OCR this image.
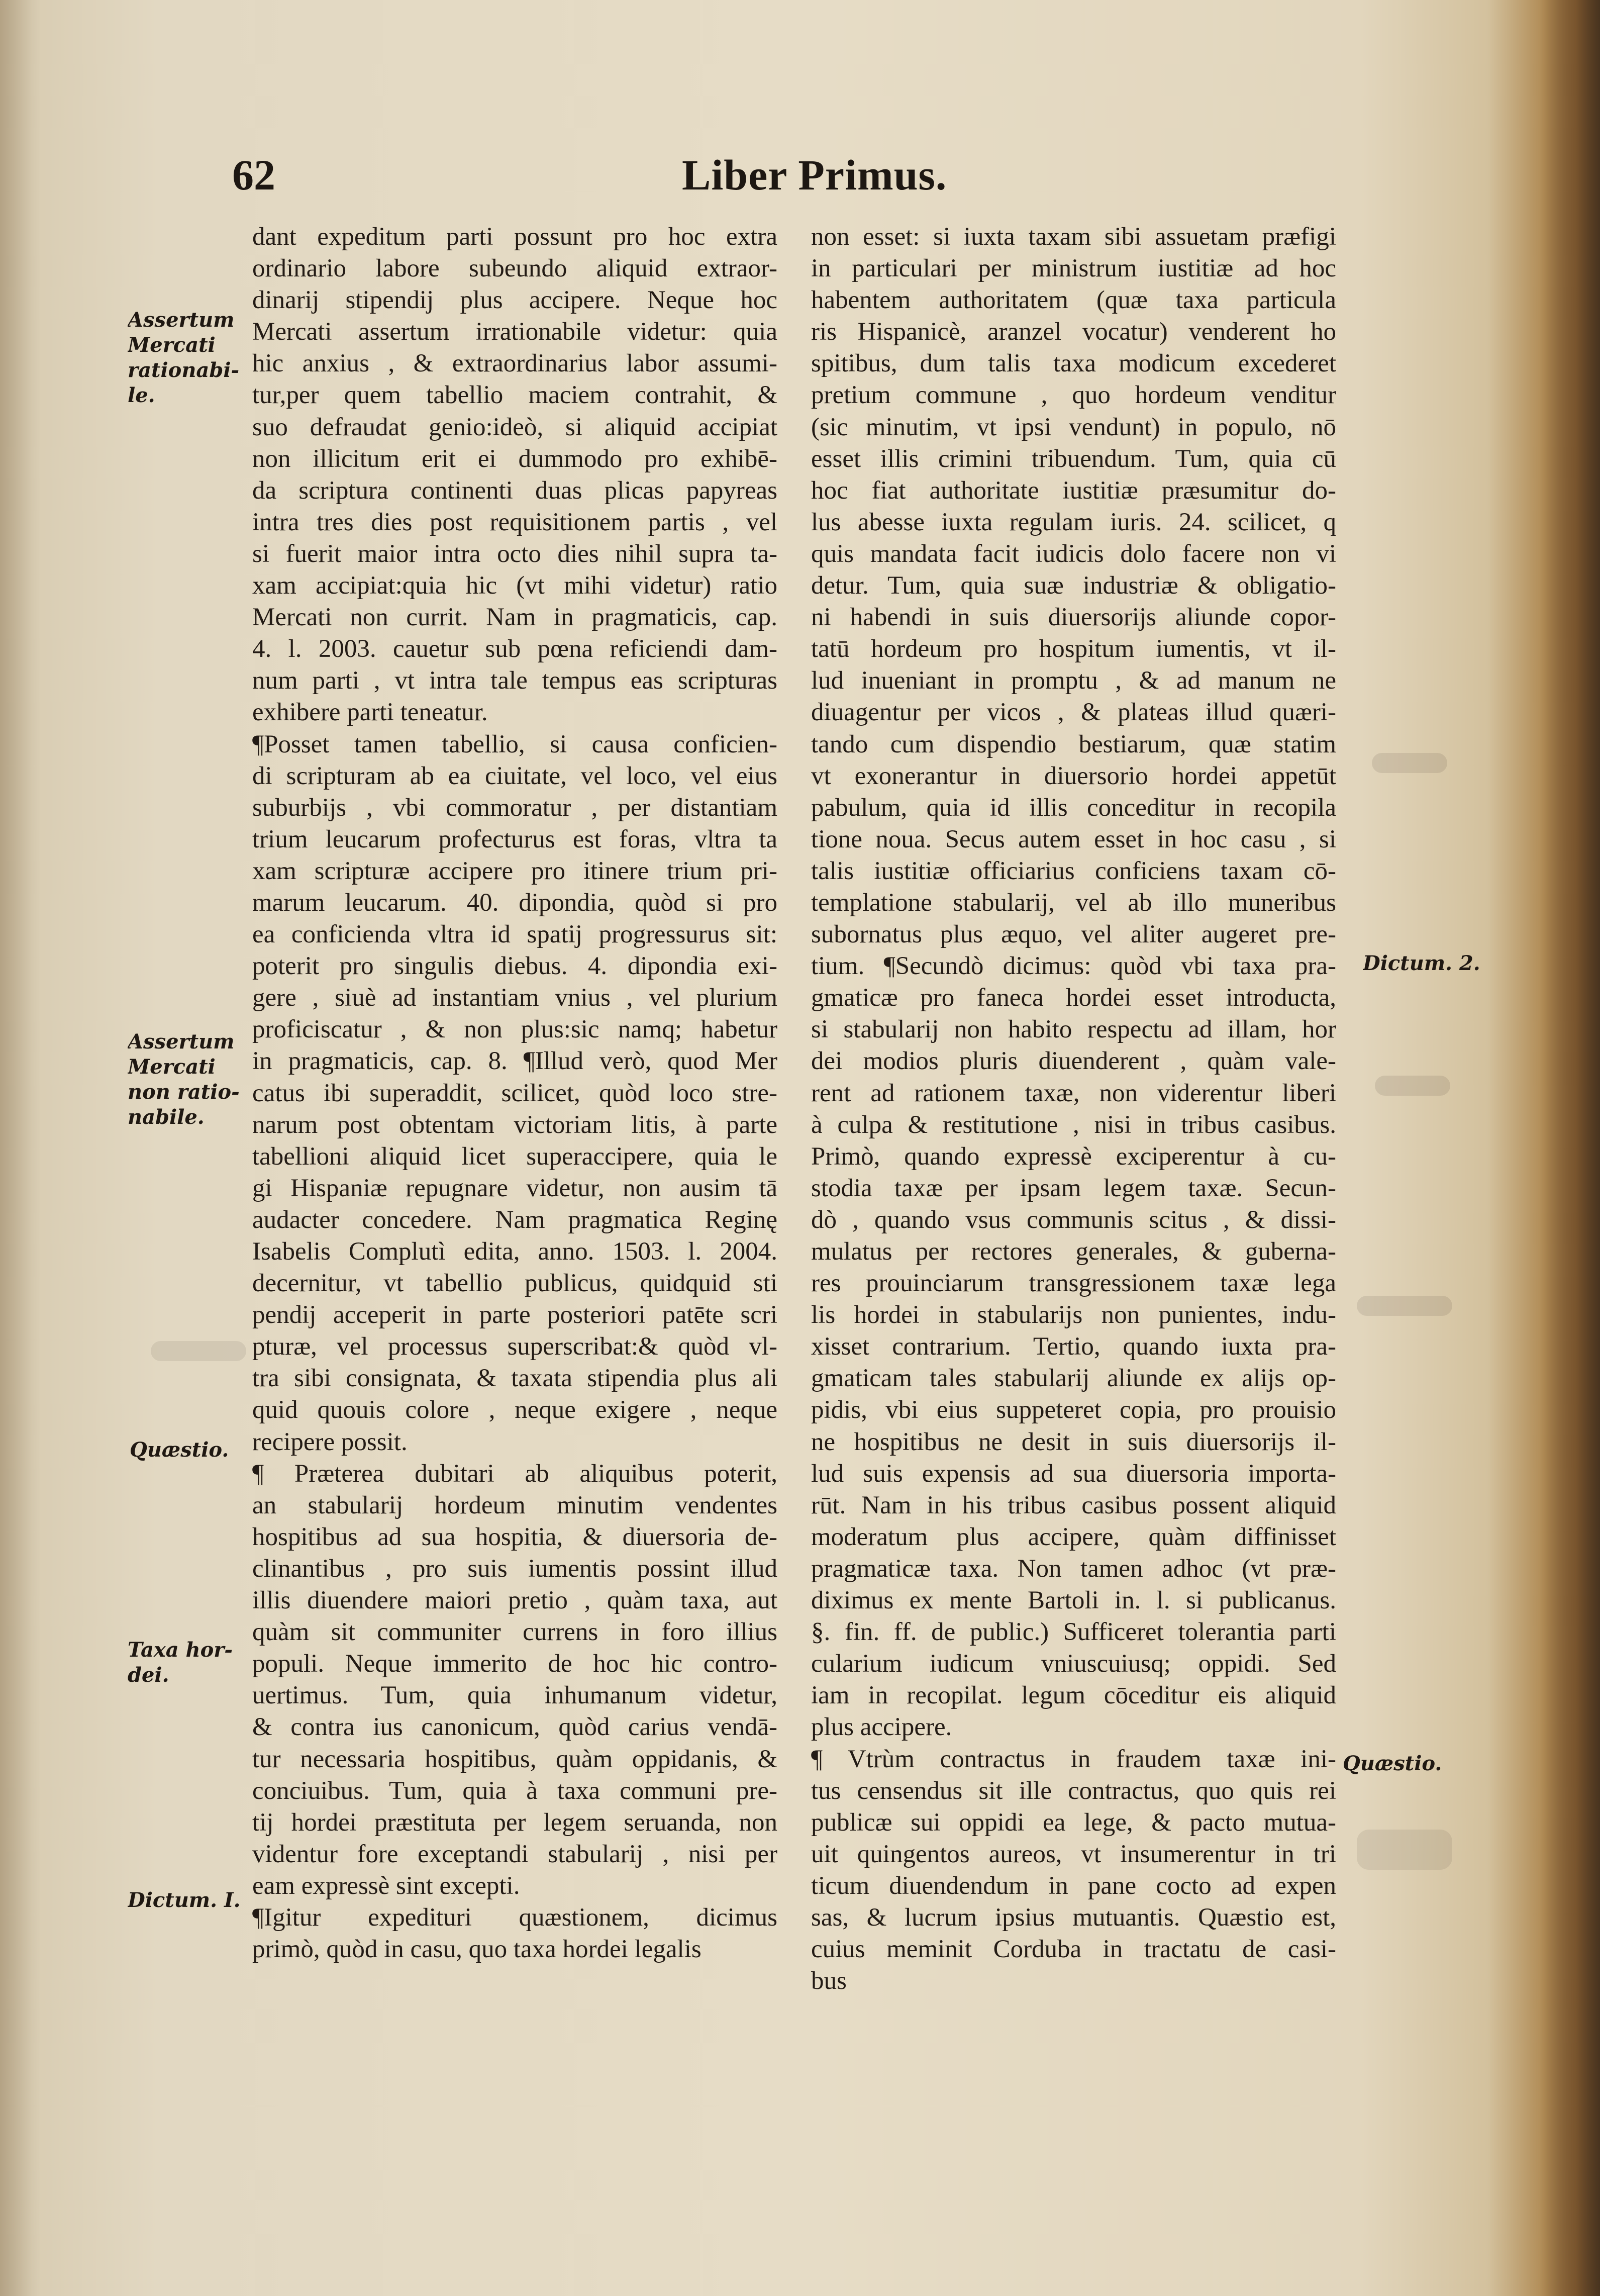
62	Liber Primus.
dant expeditum parti possunt pro hoc extra
ordinario labore subeundo aliquid extraor-
dinarij stipendij plus accipere. Neque hoc
Mercati assertum irrationabile videtur: quia
hic anxius , & extraordinarius labor assumi-
tur,per quem tabellio maciem contrahit, &
suo defraudat genio:ideò, si aliquid accipiat
non illicitum erit ei dummodo pro exhibē-
da scriptura continenti duas plicas papyreas
intra tres dies post requisitionem partis , vel
si fuerit maior intra octo dies nihil supra ta-
xam accipiat:quia hic (vt mihi videtur) ratio
Mercati non currit. Nam in pragmaticis, cap.
4. l. 2003. cauetur sub pœna reficiendi dam-
num parti , vt intra tale tempus eas scripturas
exhibere parti teneatur.
¶Posset tamen tabellio, si causa conficien-
di scripturam ab ea ciuitate, vel loco, vel eius
suburbijs , vbi commoratur , per distantiam
trium leucarum profecturus est foras, vltra ta
xam scripturæ accipere pro itinere trium pri-
marum leucarum. 40. dipondia, quòd si pro
ea conficienda vltra id spatij progressurus sit:
poterit pro singulis diebus. 4. dipondia exi-
gere , siuè ad instantiam vnius , vel plurium
proficiscatur , & non plus:sic namq; habetur
in pragmaticis, cap. 8. ¶Illud verò, quod Mer
catus ibi superaddit, scilicet, quòd loco stre-
narum post obtentam victoriam litis, à parte
tabellioni aliquid licet superaccipere, quia le
gi Hispaniæ repugnare videtur, non ausim tā
audacter concedere. Nam pragmatica Reginę
Isabelis Complutì edita, anno. 1503. l. 2004.
decernitur, vt tabellio publicus, quidquid sti
pendij acceperit in parte posteriori patēte scri
pturæ, vel processus superscribat:& quòd vl-
tra sibi consignata, & taxata stipendia plus ali
quid quouis colore , neque exigere , neque
recipere possit.
¶ Præterea dubitari ab aliquibus poterit,
an stabularij hordeum minutim vendentes
hospitibus ad sua hospitia, & diuersoria de-
clinantibus , pro suis iumentis possint illud
illis diuendere maiori pretio , quàm taxa, aut
quàm sit communiter currens in foro illius
populi. Neque immerito de hoc hic contro-
uertimus. Tum, quia inhumanum videtur,
& contra ius canonicum, quòd carius vendā-
tur necessaria hospitibus, quàm oppidanis, &
conciuibus. Tum, quia à taxa communi pre-
tij hordei præstituta per legem seruanda, non
videntur fore exceptandi stabularij , nisi per
eam expressè sint excepti.
¶Igitur expedituri quæstionem, dicimus
primò, quòd in casu, quo taxa hordei legalis
non esset: si iuxta taxam sibi assuetam præfigi
in particulari per ministrum iustitiæ ad hoc
habentem authoritatem (quæ taxa particula
ris Hispanicè, aranzel vocatur) venderent ho
spitibus, dum talis taxa modicum excederet
pretium commune , quo hordeum venditur
(sic minutim, vt ipsi vendunt) in populo, nō
esset illis crimini tribuendum. Tum, quia cū
hoc fiat authoritate iustitiæ præsumitur do-
lus abesse iuxta regulam iuris. 24. scilicet, q
quis mandata facit iudicis dolo facere non vi
detur. Tum, quia suæ industriæ & obligatio-
ni habendi in suis diuersorijs aliunde copor-
tatū hordeum pro hospitum iumentis, vt il-
lud inueniant in promptu , & ad manum ne
diuagentur per vicos , & plateas illud quæri-
tando cum dispendio bestiarum, quæ statim
vt exonerantur in diuersorio hordei appetūt
pabulum, quia id illis conceditur in recopila
tione noua. Secus autem esset in hoc casu , si
talis iustitiæ officiarius conficiens taxam cō-
templatione stabularij, vel ab illo muneribus
subornatus plus æquo, vel aliter augeret pre-
tium. ¶Secundò dicimus: quòd vbi taxa pra-
gmaticæ pro faneca hordei esset introducta,
si stabularij non habito respectu ad illam, hor
dei modios pluris diuenderent , quàm vale-
rent ad rationem taxæ, non viderentur liberi
à culpa & restitutione , nisi in tribus casibus.
Primò, quando expressè exciperentur à cu-
stodia taxæ per ipsam legem taxæ. Secun-
dò , quando vsus communis scitus , & dissi-
mulatus per rectores generales, & guberna-
res prouinciarum transgressionem taxæ lega
lis hordei in stabularijs non punientes, indu-
xisset contrarium. Tertio, quando iuxta pra-
gmaticam tales stabularij aliunde ex alijs op-
pidis, vbi eius suppeteret copia, pro prouisio
ne hospitibus ne desit in suis diuersorijs il-
lud suis expensis ad sua diuersoria importa-
rūt. Nam in his tribus casibus possent aliquid
moderatum plus accipere, quàm diffinisset
pragmaticæ taxa. Non tamen adhoc (vt præ-
diximus ex mente Bartoli in. l. si publicanus.
§. fin. ff. de public.) Sufficeret tolerantia parti
cularium iudicum vniuscuiusq; oppidi. Sed
iam in recopilat. legum cōceditur eis aliquid
plus accipere.
¶ Vtrùm contractus in fraudem taxæ ini-
tus censendus sit ille contractus, quo quis rei
publicæ sui oppidi ea lege, & pacto mutua-
uit quingentos aureos, vt insumerentur in tri
ticum diuendendum in pane cocto ad expen
sas, & lucrum ipsius mutuantis. Quæstio est,
cuius meminit Corduba in tractatu de casi-
bus
Assertum
Mercati
rationabi-
le.
Assertum
Mercati
non ratio-
nabile.
Quæstio.
Taxa hor-
dei.
Dictum. I.
Dictum. 2.
Quæstio.
